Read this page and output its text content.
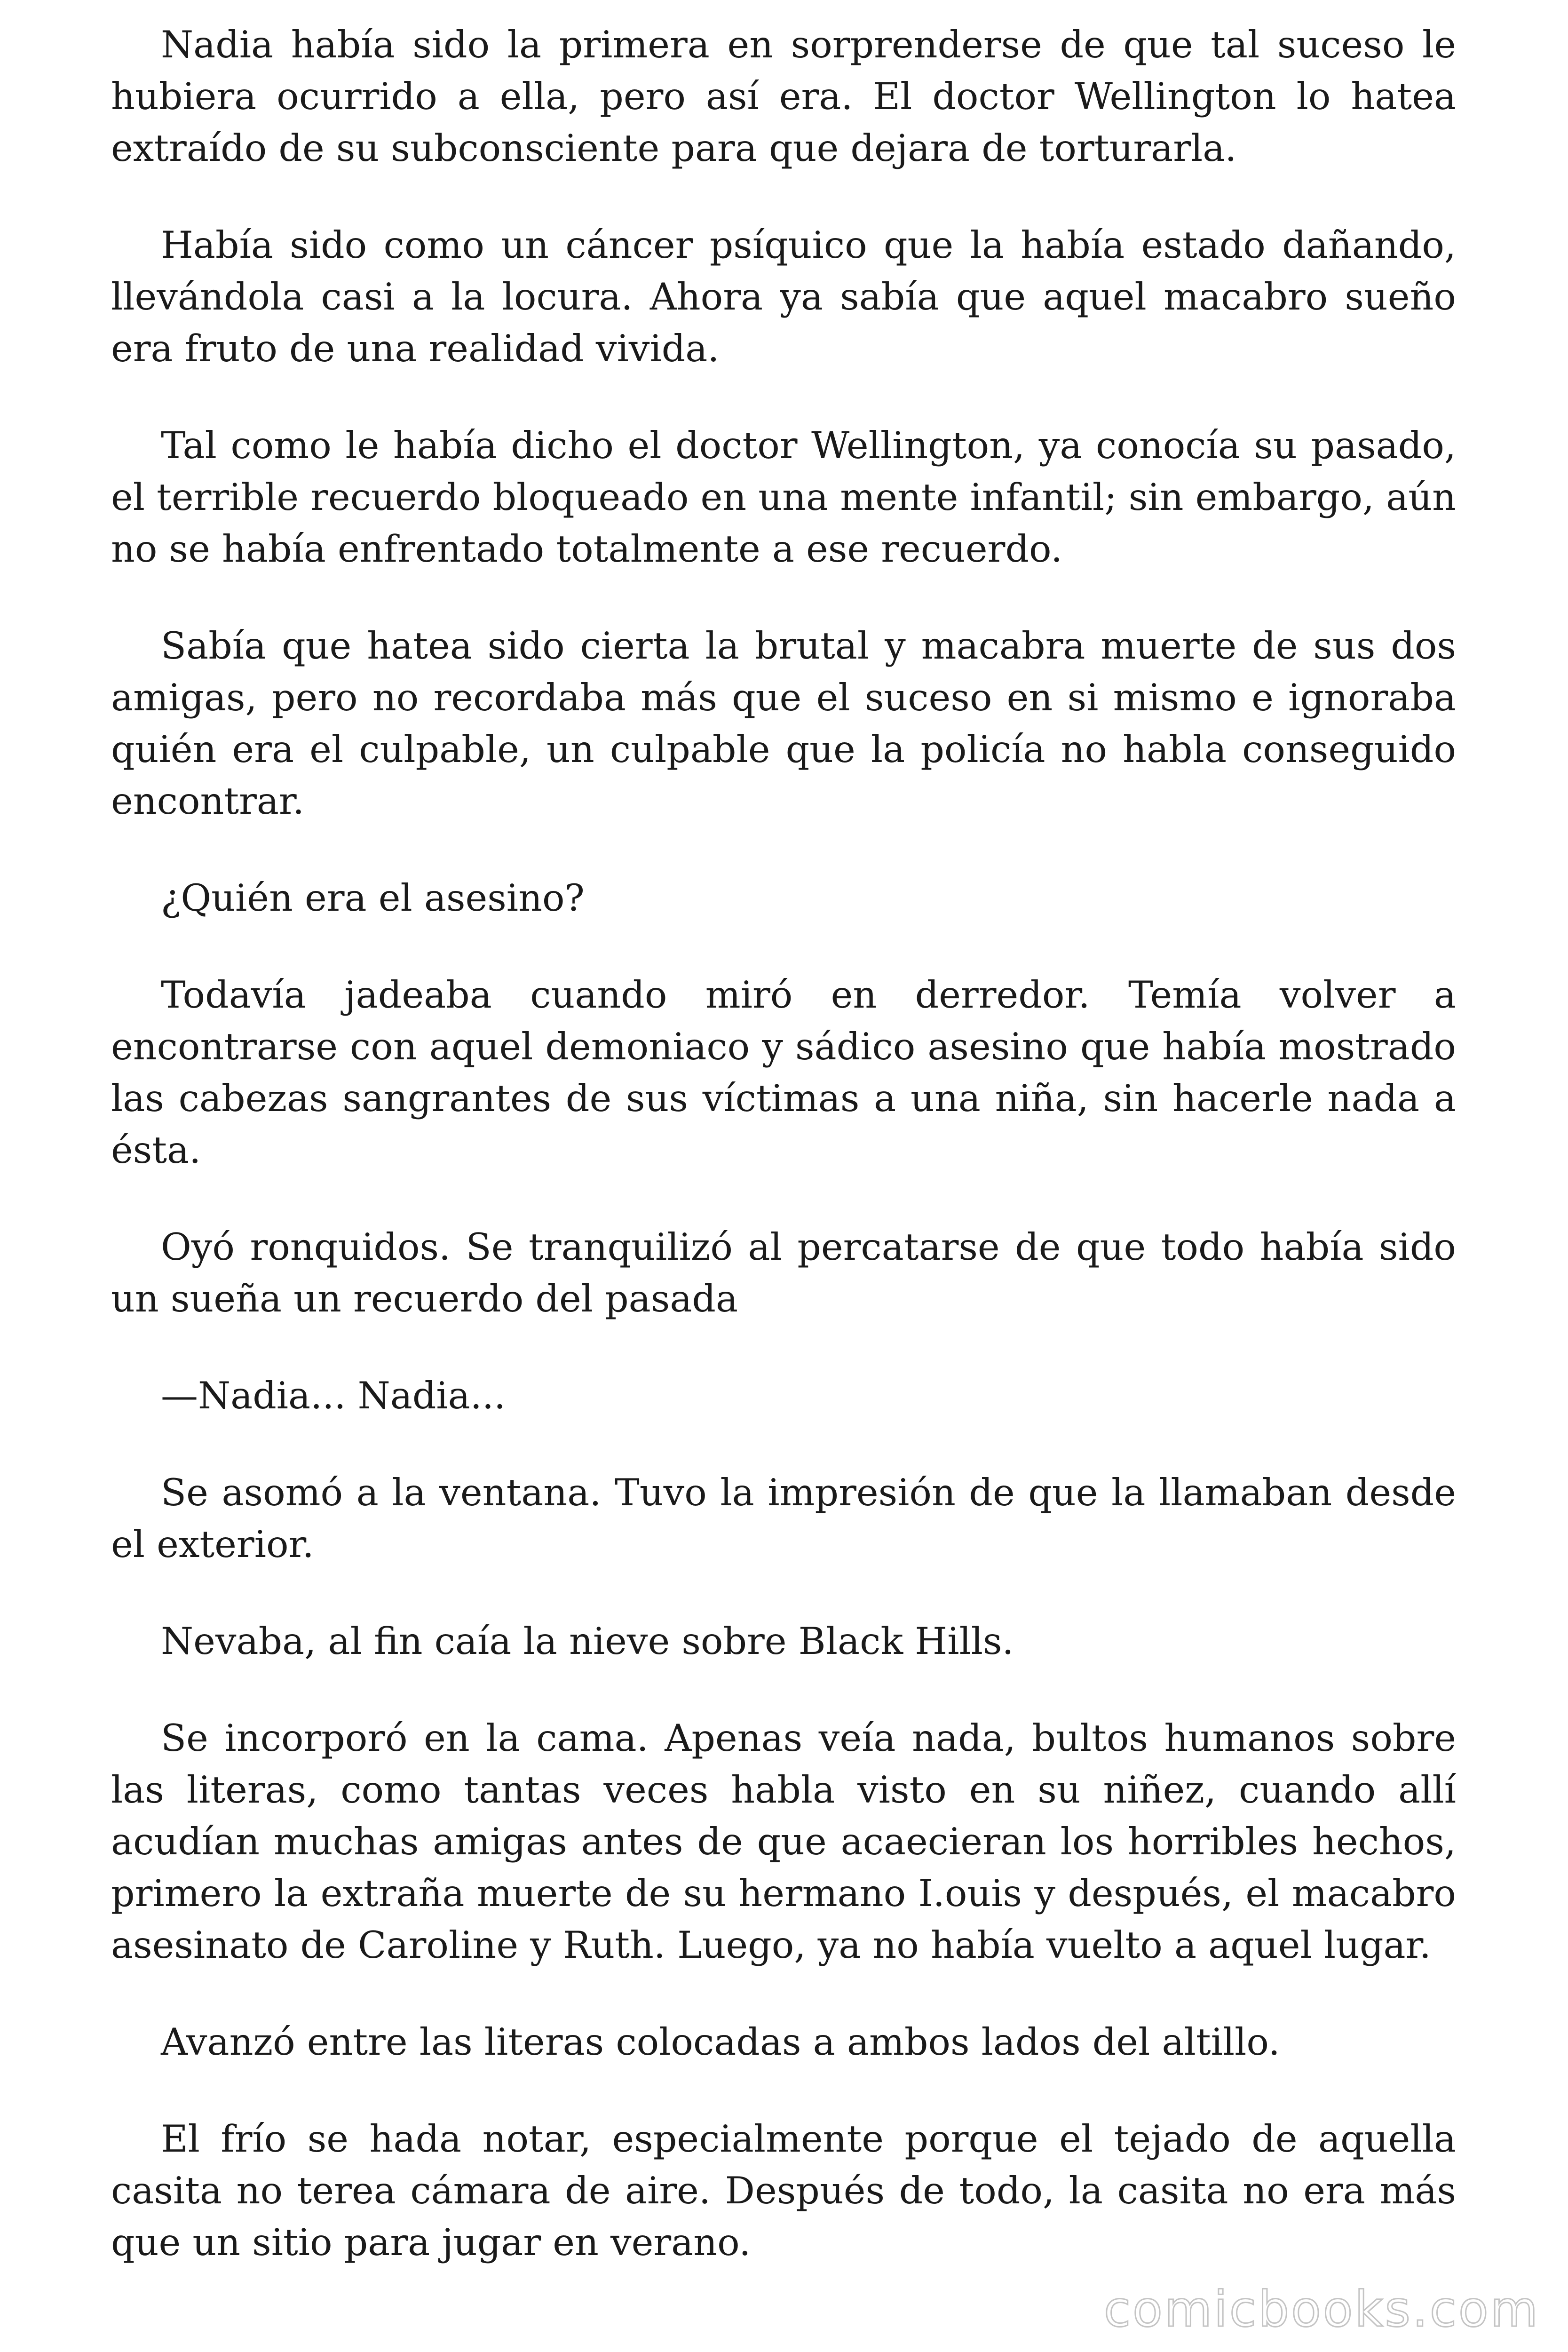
Nadia había sido la primera en sorprenderse de que tal suceso le hubiera ocurrido a ella, pero así era. El doctor Wellington lo hatea extraído de su subconsciente para que dejara de torturarla.

Había sido como un cáncer psíquico que la había estado dañando, llevándola casi a la locura. Ahora ya sabía que aquel macabro sueño era fruto de una realidad vivida.

Tal como le había dicho el doctor Wellington, ya conocía su pasado, el terrible recuerdo bloqueado en una mente infantil; sin embargo, aún no se había enfrentado totalmente a ese recuerdo.

Sabía que hatea sido cierta la brutal y macabra muerte de sus dos amigas, pero no recordaba más que el suceso en si mismo e ignoraba quién era el culpable, un culpable que la policía no habla conseguido encontrar.

¿Quién era el asesino?

Todavía jadeaba cuando miró en derredor. Temía volver a encontrarse con aquel demoniaco y sádico asesino que había mostrado las cabezas sangrantes de sus víctimas a una niña, sin hacerle nada a ésta.

Oyó ronquidos. Se tranquilizó al percatarse de que todo había sido un sueña un recuerdo del pasada

—Nadia... Nadia...

Se asomó a la ventana. Tuvo la impresión de que la llamaban desde el exterior.

Nevaba, al fin caía la nieve sobre Black Hills.

Se incorporó en la cama. Apenas veía nada, bultos humanos sobre las literas, como tantas veces habla visto en su niñez, cuando allí acudían muchas amigas antes de que acaecieran los horribles hechos, primero la extraña muerte de su hermano I.ouis y después, el macabro asesinato de Caroline y Ruth. Luego, ya no había vuelto a aquel lugar.

Avanzó entre las literas colocadas a ambos lados del altillo.

El frío se hada notar, especialmente porque el tejado de aquella casita no terea cámara de aire. Después de todo, la casita no era más que un sitio para jugar en verano.

comicbooks.com
